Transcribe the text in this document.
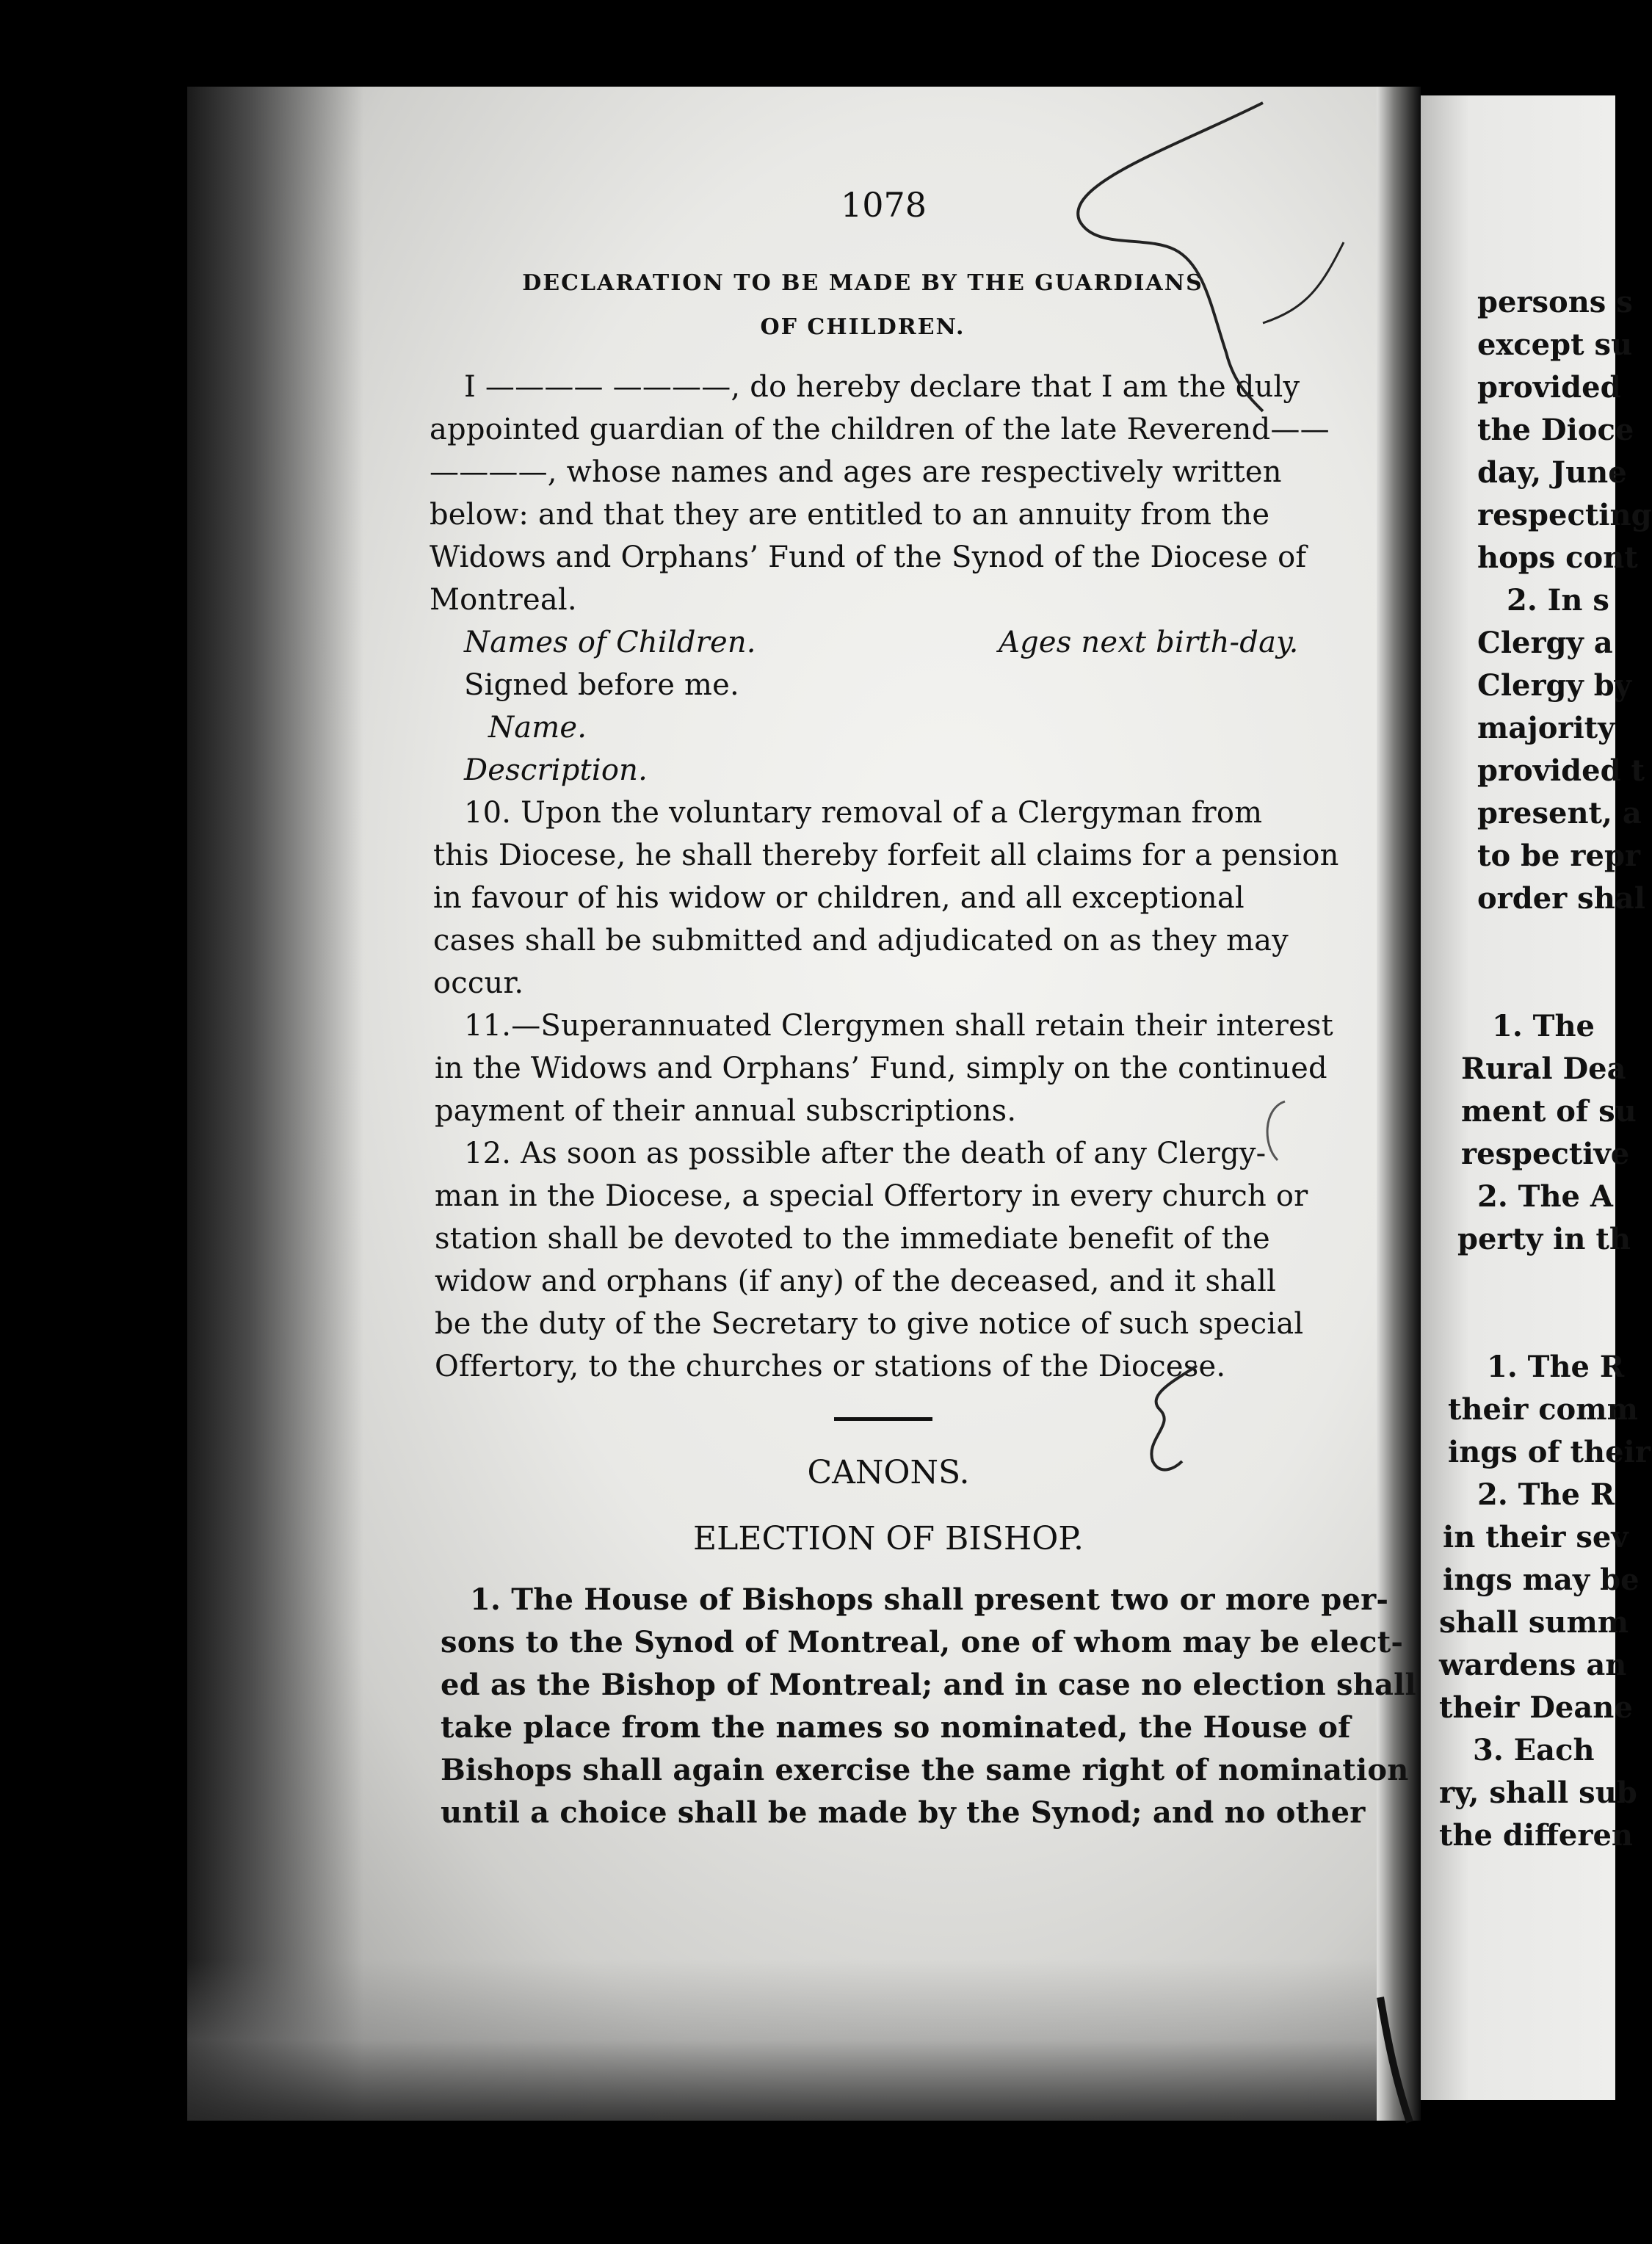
1078
DECLARATION TO BE MADE BY THE GUARDIANS
OF CHILDREN.
I ———— ————, do hereby declare that I am the duly
appointed guardian of the children of the late Reverend——
————, whose names and ages are respectively written
below: and that they are entitled to an annuity from the
Widows and Orphans’ Fund of the Synod of the Diocese of
Montreal.
Names of Children.	Ages next birth-day.
Signed before me.
Name.
Description.
10. Upon the voluntary removal of a Clergyman from
this Diocese, he shall thereby forfeit all claims for a pension
in favour of his widow or children, and all exceptional
cases shall be submitted and adjudicated on as they may
occur.
11.—Superannuated Clergymen shall retain their interest
in the Widows and Orphans’ Fund, simply on the continued
payment of their annual subscriptions.
12. As soon as possible after the death of any Clergy-
man in the Diocese, a special Offertory in every church or
station shall be devoted to the immediate benefit of the
widow and orphans (if any) of the deceased, and it shall
be the duty of the Secretary to give notice of such special
Offertory, to the churches or stations of the Diocese.
CANONS.
ELECTION OF BISHOP.
1. The House of Bishops shall present two or more per-
sons to the Synod of Montreal, one of whom may be elect-
ed as the Bishop of Montreal; and in case no election shall
take place from the names so nominated, the House of
Bishops shall again exercise the same right of nomination
until a choice shall be made by the Synod; and no other
persons s
except su
provided
the Dioce
day, June
respecting
hops cont
2. In s
Clergy a
Clergy by
majority
provided t
present, a
to be repr
order shal
1. The
Rural Dea
ment of su
respective
2. The A
perty in th
1. The R
their comm
ings of their
2. The R
in their sev
ings may be
shall summ
wardens an
their Deane
3. Each
ry, shall sub
the differen
